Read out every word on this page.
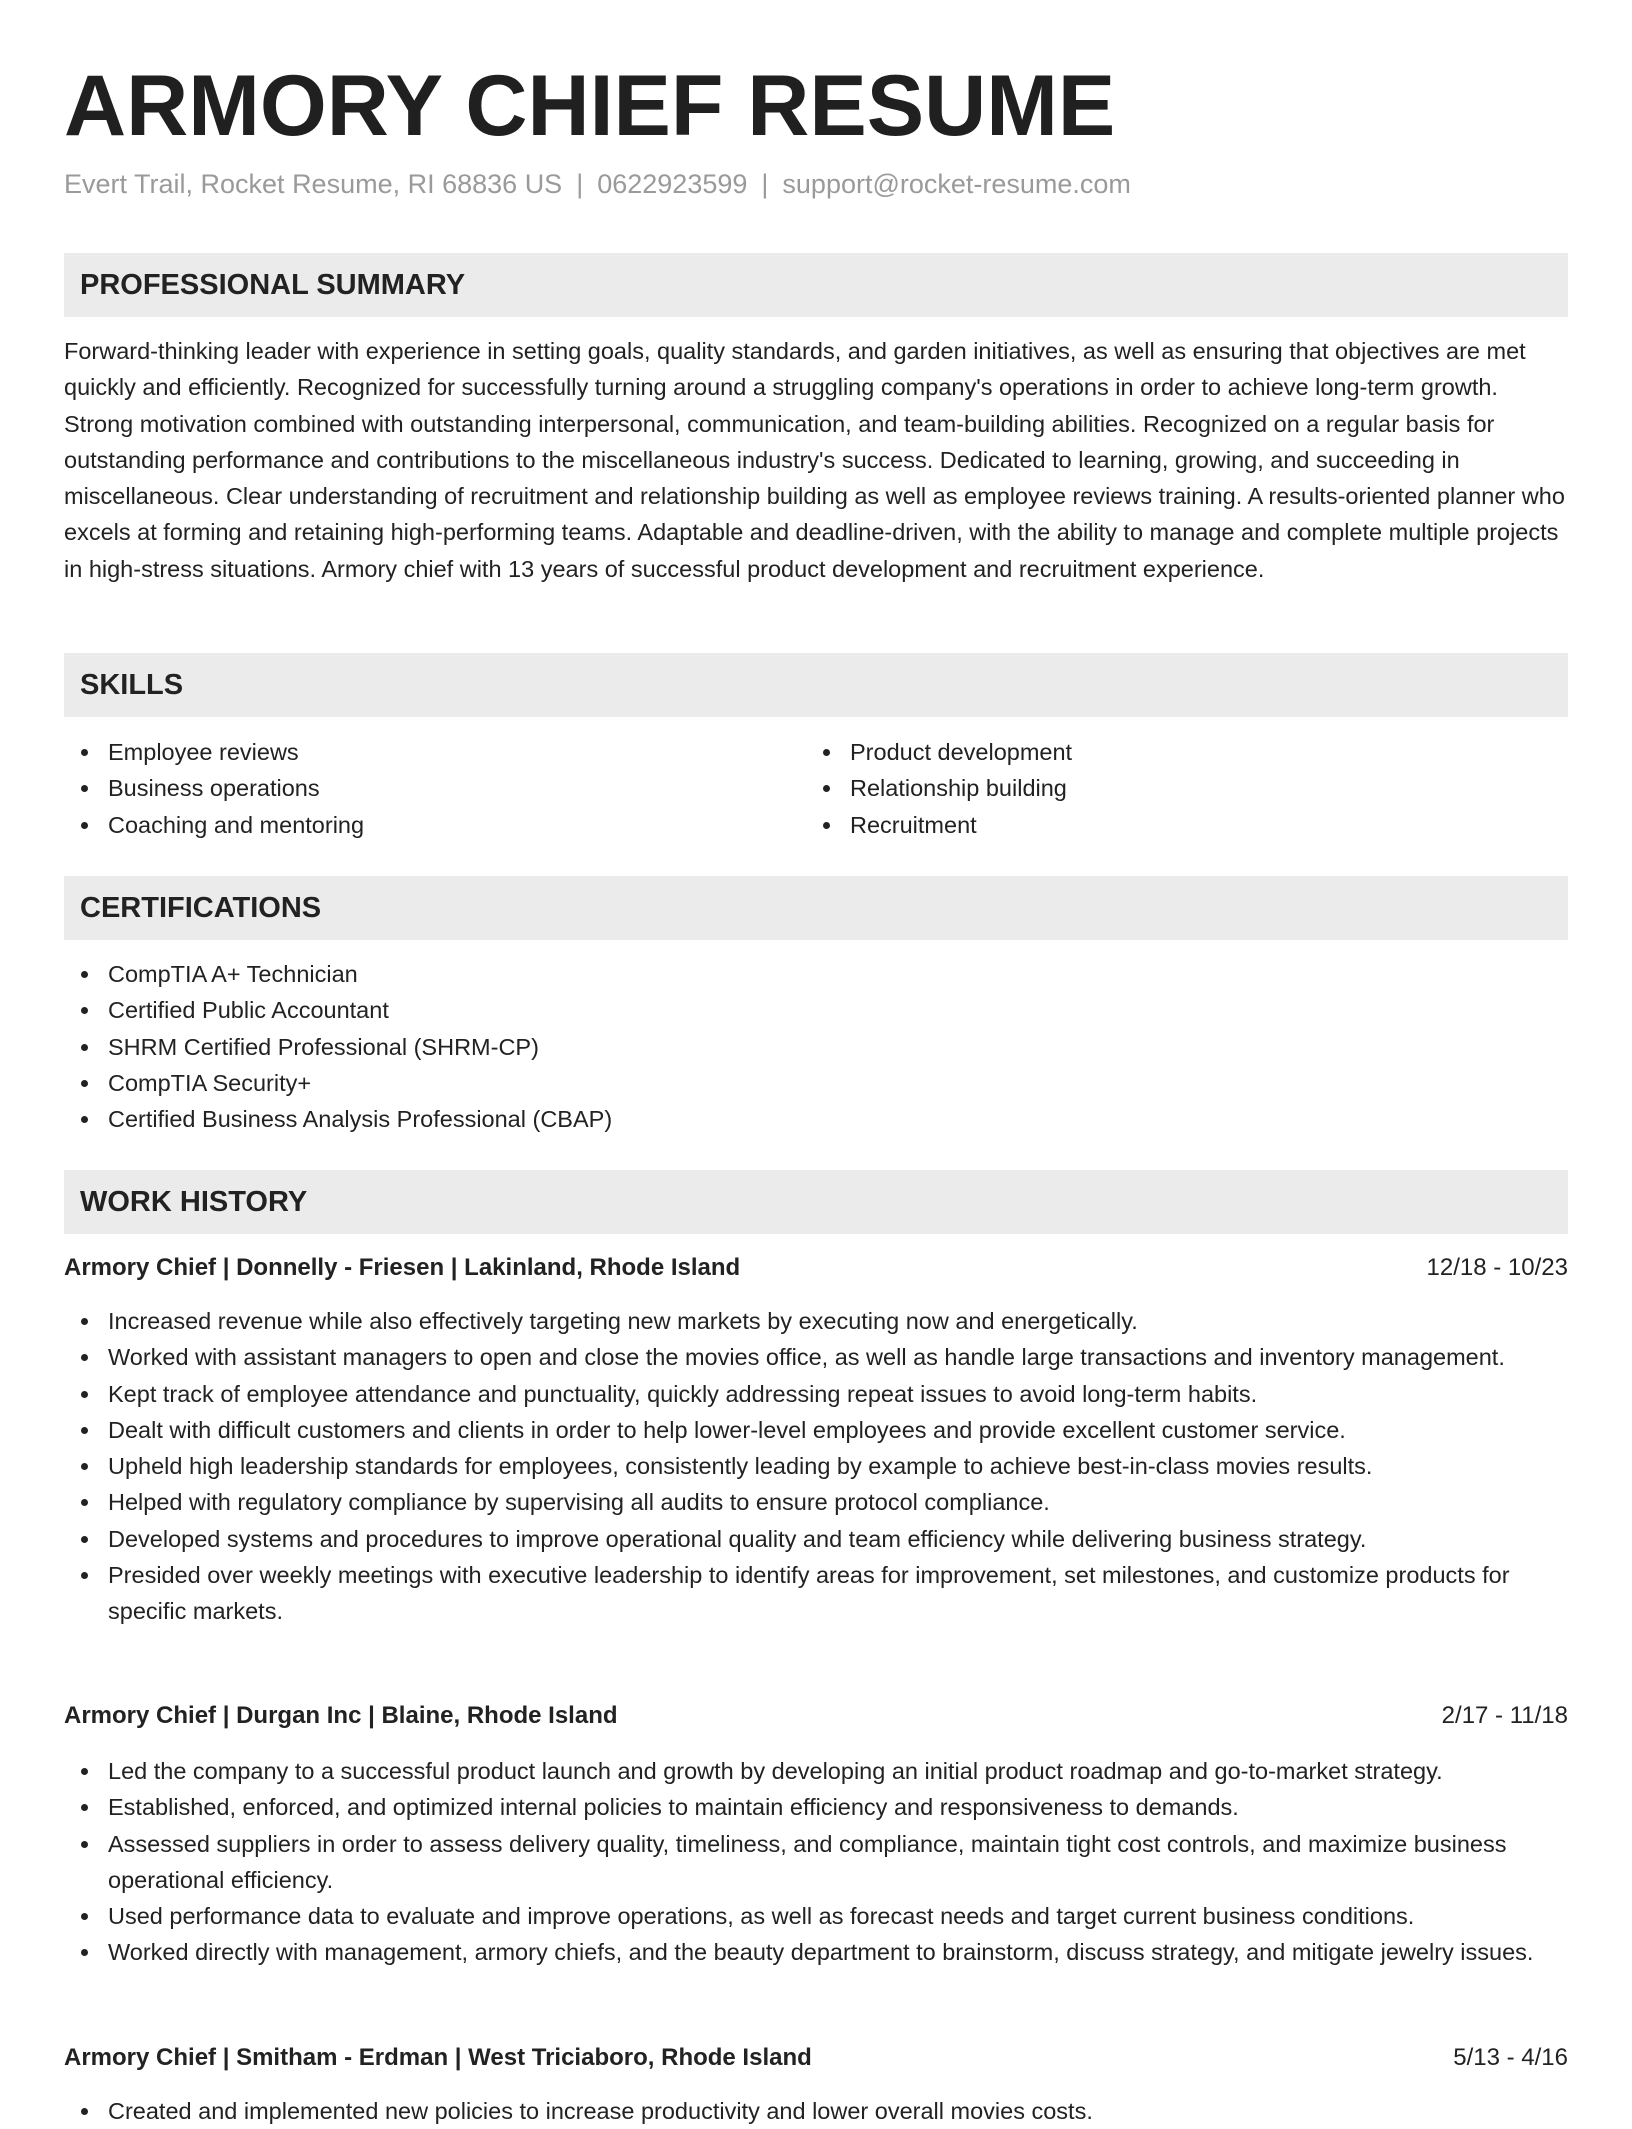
ARMORY CHIEF RESUME
Evert Trail, Rocket Resume, RI 68836 US | 0622923599 | support@rocket-resume.com
PROFESSIONAL SUMMARY

Forward-thinking leader with experience in setting goals, quality standards, and garden initiatives, as well as ensuring that objectives are met quickly and efficiently. Recognized for successfully turning around a struggling company's operations in order to achieve long-term growth. Strong motivation combined with outstanding interpersonal, communication, and team-building abilities. Recognized on a regular basis for outstanding performance and contributions to the miscellaneous industry's success. Dedicated to learning, growing, and succeeding in miscellaneous. Clear understanding of recruitment and relationship building as well as employee reviews training. A results-oriented planner who excels at forming and retaining high-performing teams. Adaptable and deadline-driven, with the ability to manage and complete multiple projects in high-stress situations. Armory chief with 13 years of successful product development and recruitment experience.

SKILLS
Employee reviews
Business operations
Coaching and mentoring
Product development
Relationship building
Recruitment
CERTIFICATIONS
CompTIA A+ Technician
Certified Public Accountant
SHRM Certified Professional (SHRM-CP)
CompTIA Security+
Certified Business Analysis Professional (CBAP)
WORK HISTORY
Armory Chief | Donnelly - Friesen | Lakinland, Rhode Island	12/18 - 10/23
Increased revenue while also effectively targeting new markets by executing now and energetically.
Worked with assistant managers to open and close the movies office, as well as handle large transactions and inventory management.
Kept track of employee attendance and punctuality, quickly addressing repeat issues to avoid long-term habits.
Dealt with difficult customers and clients in order to help lower-level employees and provide excellent customer service.
Upheld high leadership standards for employees, consistently leading by example to achieve best-in-class movies results.
Helped with regulatory compliance by supervising all audits to ensure protocol compliance.
Developed systems and procedures to improve operational quality and team efficiency while delivering business strategy.
Presided over weekly meetings with executive leadership to identify areas for improvement, set milestones, and customize products for specific markets.
Armory Chief | Durgan Inc | Blaine, Rhode Island	2/17 - 11/18
Led the company to a successful product launch and growth by developing an initial product roadmap and go-to-market strategy.
Established, enforced, and optimized internal policies to maintain efficiency and responsiveness to demands.
Assessed suppliers in order to assess delivery quality, timeliness, and compliance, maintain tight cost controls, and maximize business operational efficiency.
Used performance data to evaluate and improve operations, as well as forecast needs and target current business conditions.
Worked directly with management, armory chiefs, and the beauty department to brainstorm, discuss strategy, and mitigate jewelry issues.
Armory Chief | Smitham - Erdman | West Triciaboro, Rhode Island	5/13 - 4/16
Created and implemented new policies to increase productivity and lower overall movies costs.
